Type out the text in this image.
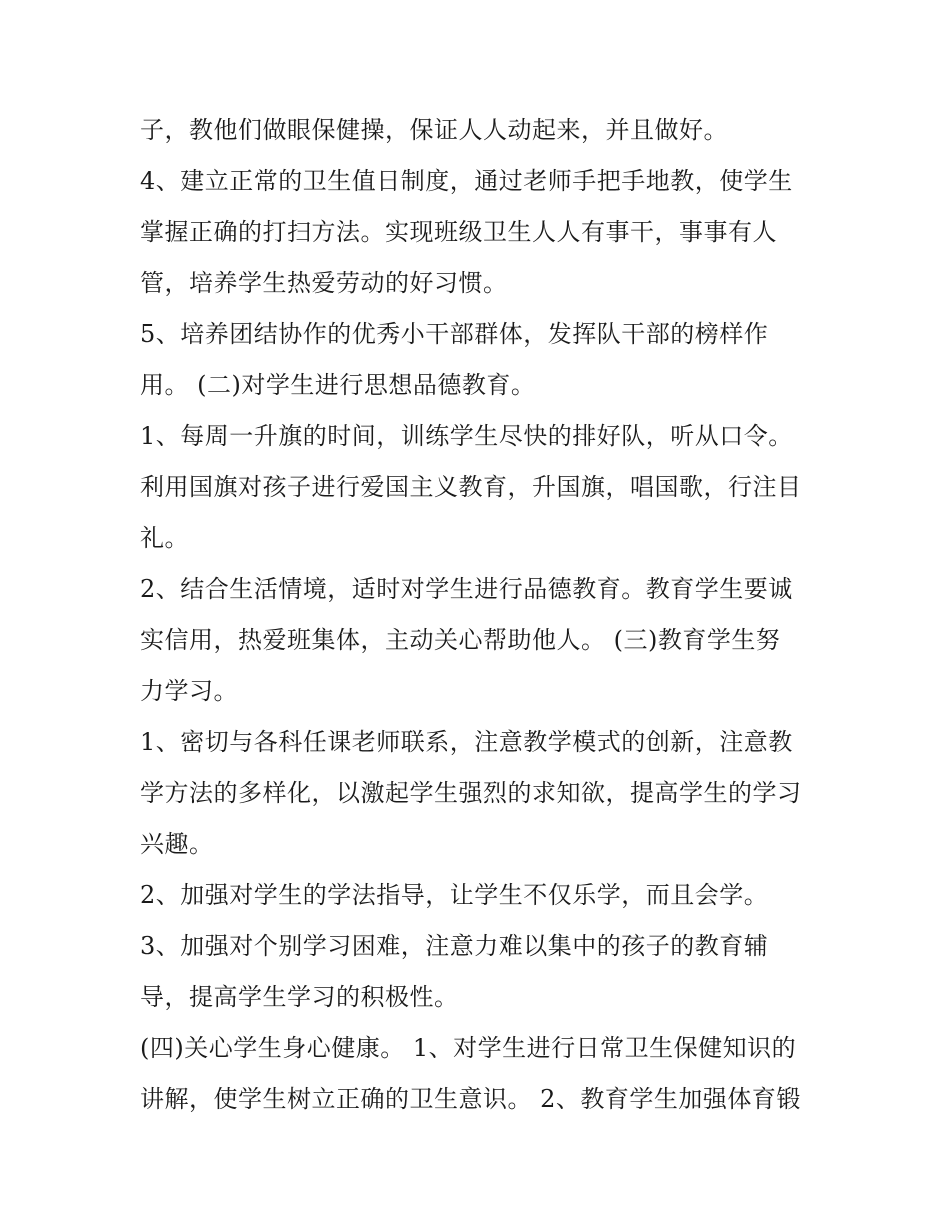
子，教他们做眼保健操，保证人人动起来，并且做好。

4、建立正常的卫生值日制度，通过老师手把手地教，使学生

掌握正确的打扫方法。实现班级卫生人人有事干，事事有人

管，培养学生热爱劳动的好习惯。

5、培养团结协作的优秀小干部群体，发挥队干部的榜样作

用。 (二)对学生进行思想品德教育。

1、每周一升旗的时间，训练学生尽快的排好队，听从口令。

利用国旗对孩子进行爱国主义教育，升国旗，唱国歌，行注目

礼。

2、结合生活情境，适时对学生进行品德教育。教育学生要诚

实信用，热爱班集体，主动关心帮助他人。 (三)教育学生努

力学习。

1、密切与各科任课老师联系，注意教学模式的创新，注意教

学方法的多样化，以激起学生强烈的求知欲，提高学生的学习

兴趣。

2、加强对学生的学法指导，让学生不仅乐学，而且会学。

3、加强对个别学习困难，注意力难以集中的孩子的教育辅

导，提高学生学习的积极性。

(四)关心学生身心健康。 1、对学生进行日常卫生保健知识的

讲解，使学生树立正确的卫生意识。 2、教育学生加强体育锻
